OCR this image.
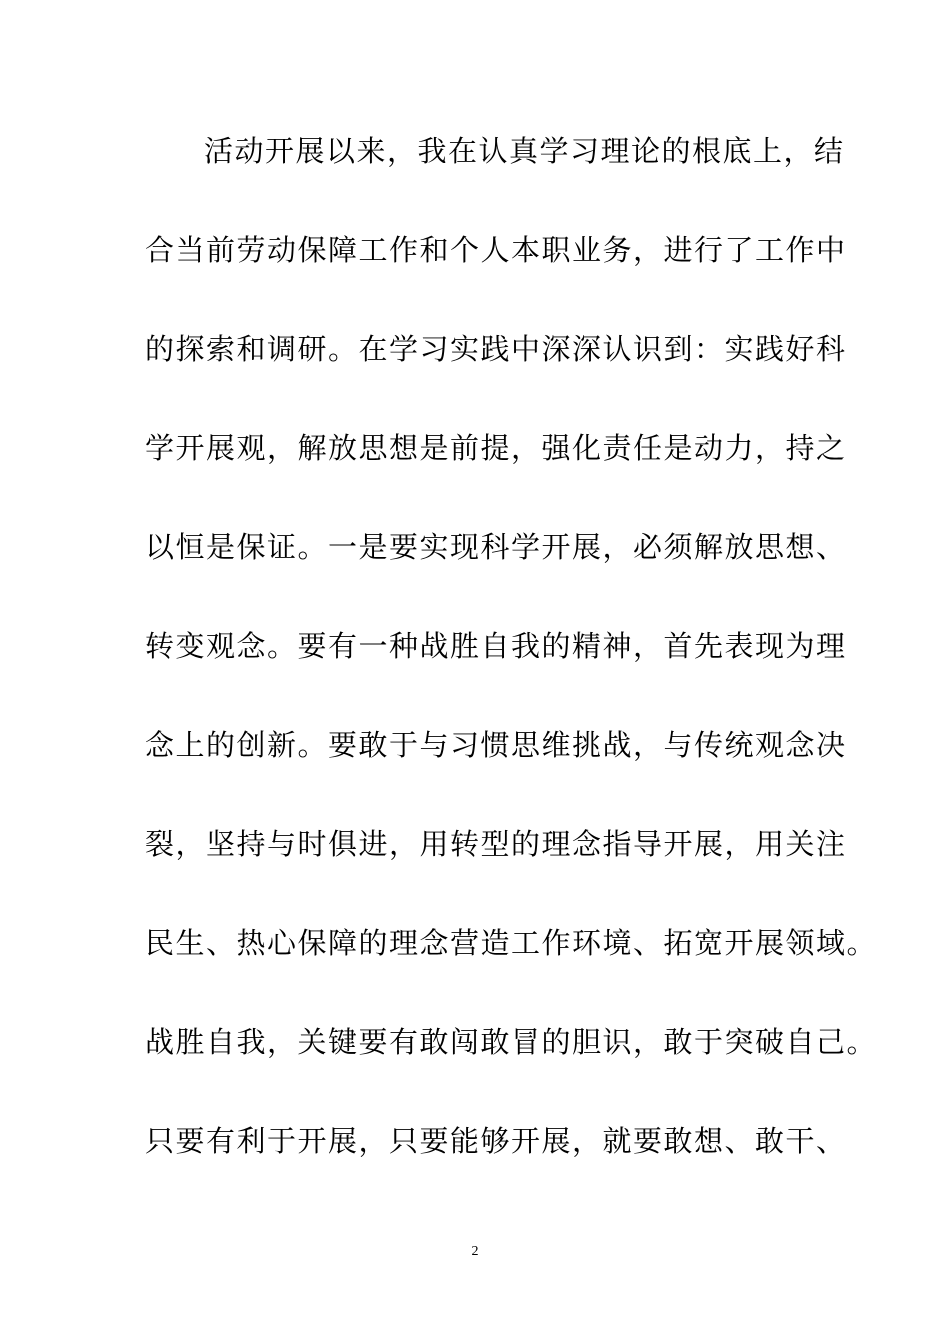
活动开展以来，我在认真学习理论的根底上，结
合当前劳动保障工作和个人本职业务，进行了工作中
的探索和调研。在学习实践中深深认识到：实践好科
学开展观，解放思想是前提，强化责任是动力，持之
以恒是保证。一是要实现科学开展，必须解放思想、
转变观念。要有一种战胜自我的精神，首先表现为理
念上的创新。要敢于与习惯思维挑战，与传统观念决
裂，坚持与时俱进，用转型的理念指导开展，用关注
民生、热心保障的理念营造工作环境、拓宽开展领域。
战胜自我，关键要有敢闯敢冒的胆识，敢于突破自己。
只要有利于开展，只要能够开展，就要敢想、敢干、
2
